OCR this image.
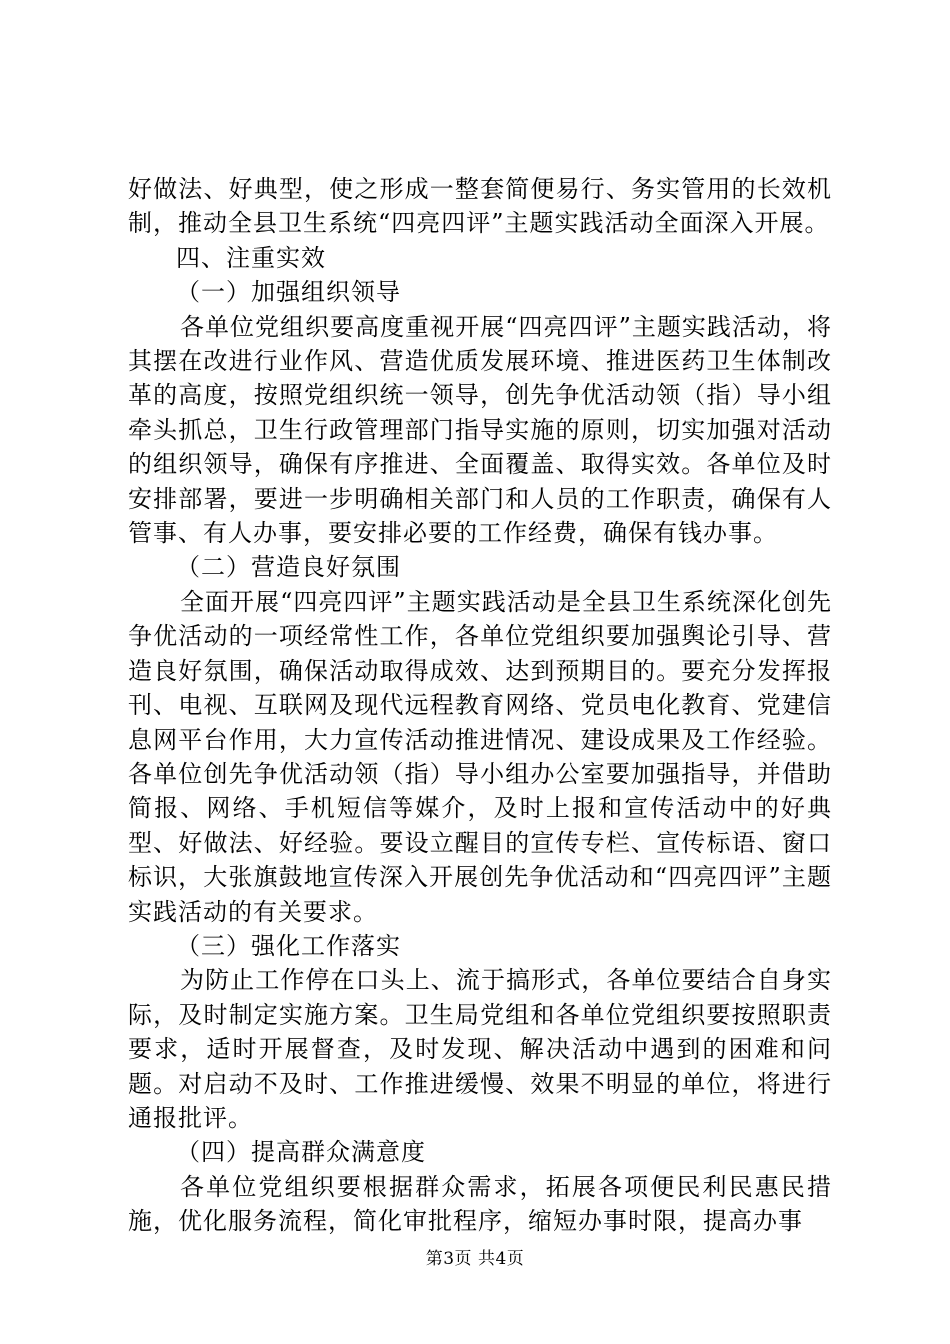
好做法、好典型，使之形成一整套简便易行、务实管用的长效机制，推动全县卫生系统“四亮四评”主题实践活动全面深入开展。

四、注重实效

（一）加强组织领导

各单位党组织要高度重视开展“四亮四评”主题实践活动，将其摆在改进行业作风、营造优质发展环境、推进医药卫生体制改革的高度，按照党组织统一领导，创先争优活动领（指）导小组牵头抓总，卫生行政管理部门指导实施的原则，切实加强对活动的组织领导，确保有序推进、全面覆盖、取得实效。各单位及时安排部署，要进一步明确相关部门和人员的工作职责，确保有人管事、有人办事，要安排必要的工作经费，确保有钱办事。

（二）营造良好氛围

全面开展“四亮四评”主题实践活动是全县卫生系统深化创先争优活动的一项经常性工作，各单位党组织要加强舆论引导、营造良好氛围，确保活动取得成效、达到预期目的。要充分发挥报刊、电视、互联网及现代远程教育网络、党员电化教育、党建信息网平台作用，大力宣传活动推进情况、建设成果及工作经验。各单位创先争优活动领（指）导小组办公室要加强指导，并借助简报、网络、手机短信等媒介，及时上报和宣传活动中的好典型、好做法、好经验。要设立醒目的宣传专栏、宣传标语、窗口标识，大张旗鼓地宣传深入开展创先争优活动和“四亮四评”主题实践活动的有关要求。

（三）强化工作落实

为防止工作停在口头上、流于搞形式，各单位要结合自身实际，及时制定实施方案。卫生局党组和各单位党组织要按照职责要求，适时开展督查，及时发现、解决活动中遇到的困难和问题。对启动不及时、工作推进缓慢、效果不明显的单位，将进行通报批评。

（四）提高群众满意度

各单位党组织要根据群众需求，拓展各项便民利民惠民措施，优化服务流程，简化审批程序，缩短办事时限，提高办事

第3页 共4页
